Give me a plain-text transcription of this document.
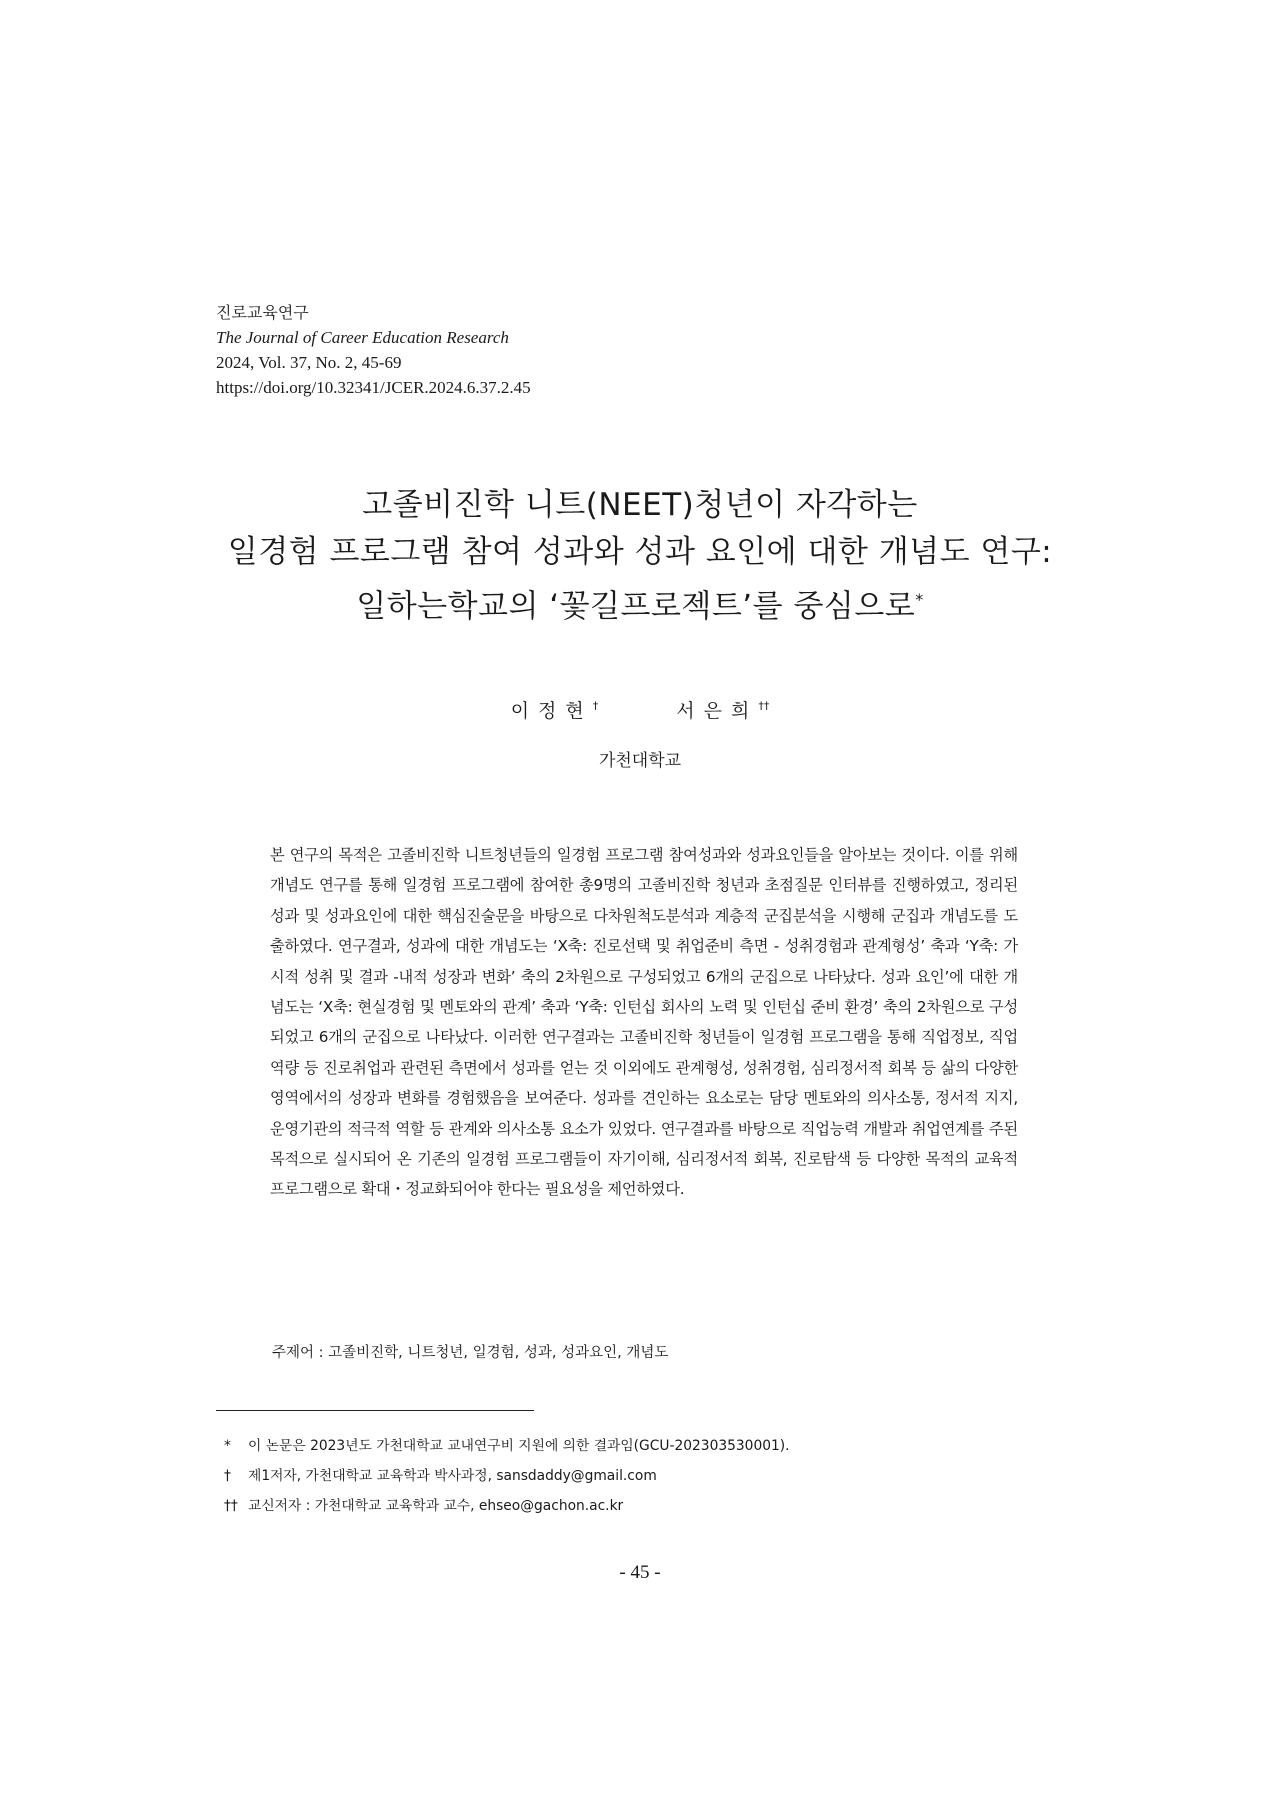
진로교육연구
The Journal of Career Education Research
2024, Vol. 37, No. 2, 45-69
https://doi.org/10.32341/JCER.2024.6.37.2.45
고졸비진학 니트(NEET)청년이 자각하는
일경험 프로그램 참여 성과와 성과 요인에 대한 개념도 연구:
일하는학교의 ‘꽃길프로젝트’를 중심으로*
이정현†	서은희††
가천대학교

본 연구의 목적은 고졸비진학 니트청년들의 일경험 프로그램 참여성과와 성과요인들을 알아보는 것이다. 이를 위해 개념도 연구를 통해 일경험 프로그램에 참여한 총9명의 고졸비진학 청년과 초점질문 인터뷰를 진행하였고, 정리된 성과 및 성과요인에 대한 핵심진술문을 바탕으로 다차원척도분석과 계층적 군집분석을 시행해 군집과 개념도를 도출하였다. 연구결과, 성과에 대한 개념도는 ‘X축: 진로선택 및 취업준비 측면 - 성취경험과 관계형성’ 축과 ‘Y축: 가시적 성취 및 결과 -내적 성장과 변화’ 축의 2차원으로 구성되었고 6개의 군집으로 나타났다. 성과 요인’에 대한 개념도는 ‘X축: 현실경험 및 멘토와의 관계’ 축과 ‘Y축: 인턴십 회사의 노력 및 인턴십 준비 환경’ 축의 2차원으로 구성되었고 6개의 군집으로 나타났다. 이러한 연구결과는 고졸비진학 청년들이 일경험 프로그램을 통해 직업정보, 직업역량 등 진로취업과 관련된 측면에서 성과를 얻는 것 이외에도 관계형성, 성취경험, 심리정서적 회복 등 삶의 다양한 영역에서의 성장과 변화를 경험했음을 보여준다. 성과를 견인하는 요소로는 담당 멘토와의 의사소통, 정서적 지지, 운영기관의 적극적 역할 등 관계와 의사소통 요소가 있었다. 연구결과를 바탕으로 직업능력 개발과 취업연계를 주된 목적으로 실시되어 온 기존의 일경험 프로그램들이 자기이해, 심리정서적 회복, 진로탐색 등 다양한 목적의 교육적 프로그램으로 확대・정교화되어야 한다는 필요성을 제언하였다.

주제어 : 고졸비진학, 니트청년, 일경험, 성과, 성과요인, 개념도
* 이 논문은 2023년도 가천대학교 교내연구비 지원에 의한 결과임(GCU-202303530001).
† 제1저자, 가천대학교 교육학과 박사과정, sansdaddy@gmail.com
†† 교신저자 : 가천대학교 교육학과 교수, ehseo@gachon.ac.kr
- 45 -
